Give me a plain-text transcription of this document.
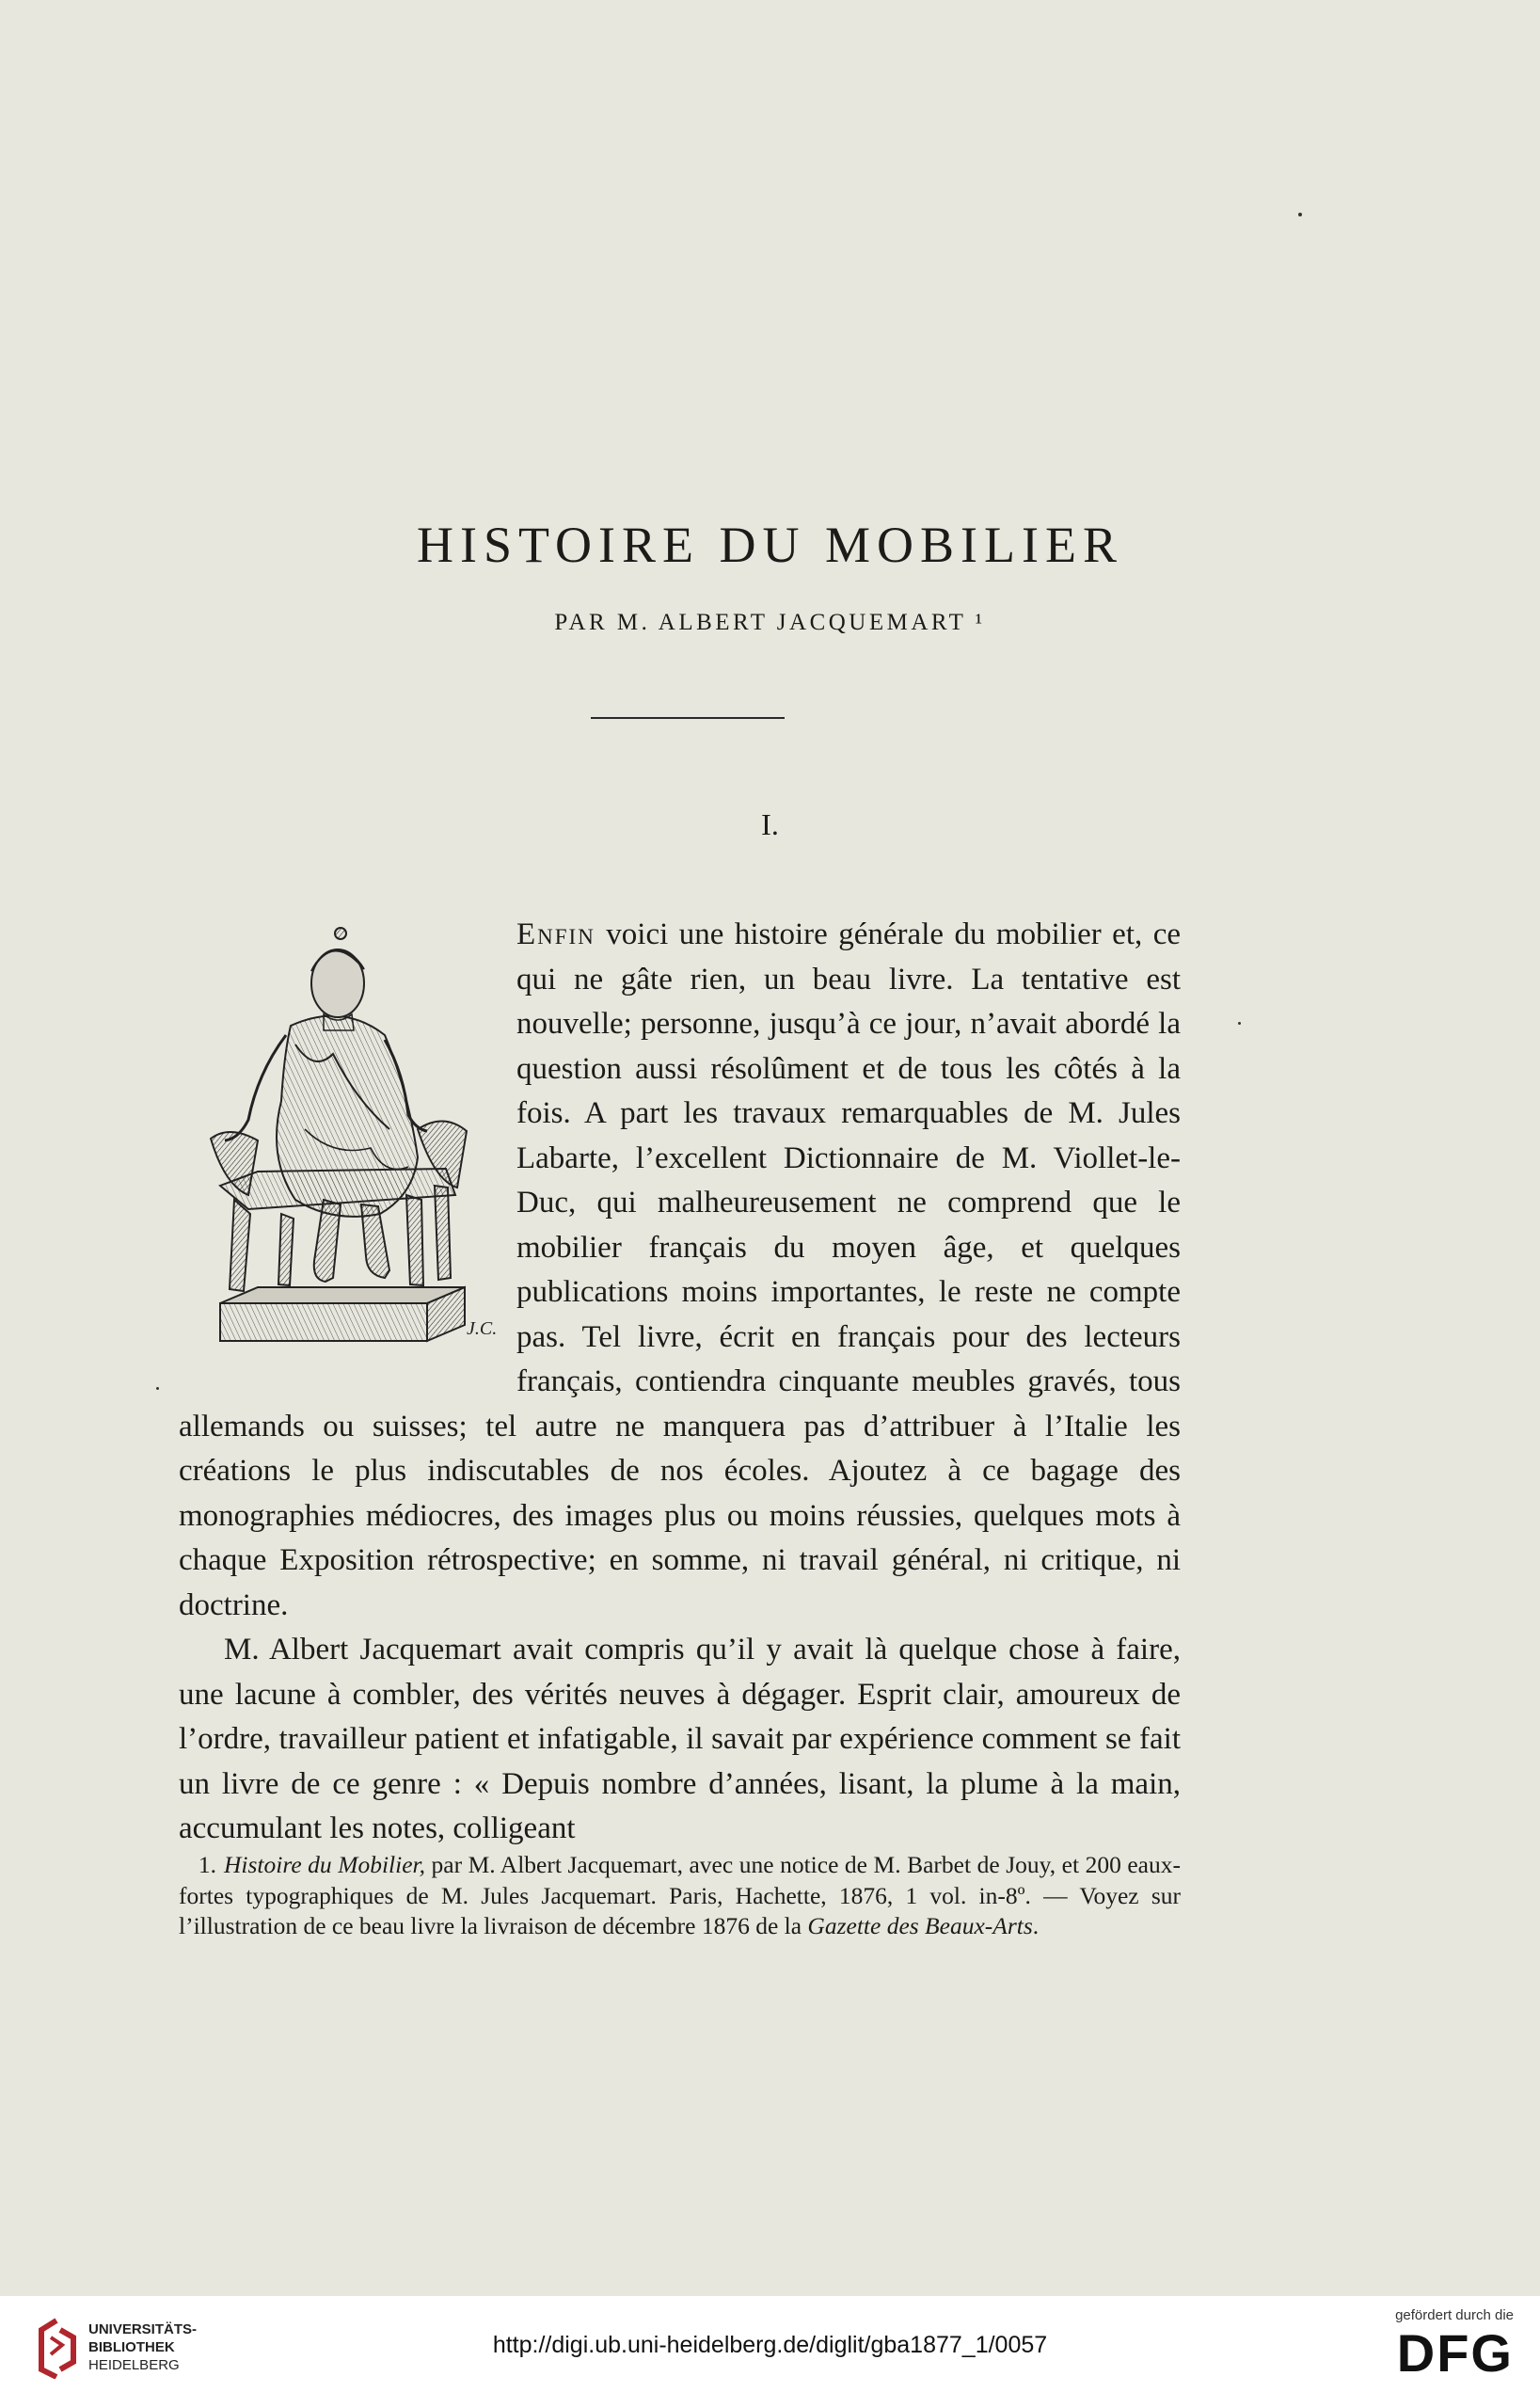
HISTOIRE DU MOBILIER
PAR M. ALBERT JACQUEMART ¹
I.
J.C.

Enfin voici une histoire générale du mobilier et, ce qui ne gâte rien, un beau livre. La tentative est nouvelle; personne, jusqu’à ce jour, n’avait abordé la question aussi résolûment et de tous les côtés à la fois. A part les travaux remarquables de M. Jules Labarte, l’excellent Dictionnaire de M. Viollet-le-Duc, qui malheureusement ne comprend que le mobilier français du moyen âge, et quelques publications moins importantes, le reste ne compte pas. Tel livre, écrit en français pour des lecteurs français, contiendra cinquante meubles gravés, tous allemands ou suisses; tel autre ne manquera pas d’attribuer à l’Italie les créations le plus indiscutables de nos écoles. Ajoutez à ce bagage des monographies médiocres, des images plus ou moins réussies, quelques mots à chaque Exposition rétrospective; en somme, ni travail général, ni critique, ni doctrine.

M. Albert Jacquemart avait compris qu’il y avait là quelque chose à faire, une lacune à combler, des vérités neuves à dégager. Esprit clair, amoureux de l’ordre, travailleur patient et infatigable, il savait par expérience comment se fait un livre de ce genre : « Depuis nombre d’années, lisant, la plume à la main, accumulant les notes, colligeant

1. Histoire du Mobilier, par M. Albert Jacquemart, avec une notice de M. Barbet de Jouy, et 200 eaux-fortes typographiques de M. Jules Jacquemart. Paris, Hachette, 1876, 1 vol. in-8º. — Voyez sur l’illustration de ce beau livre la livraison de décembre 1876 de la Gazette des Beaux-Arts.
UNIVERSITÄTS-
BIBLIOTHEK
HEIDELBERG
http://digi.ub.uni-heidelberg.de/diglit/gba1877_1/0057
gefördert durch die
DFG
